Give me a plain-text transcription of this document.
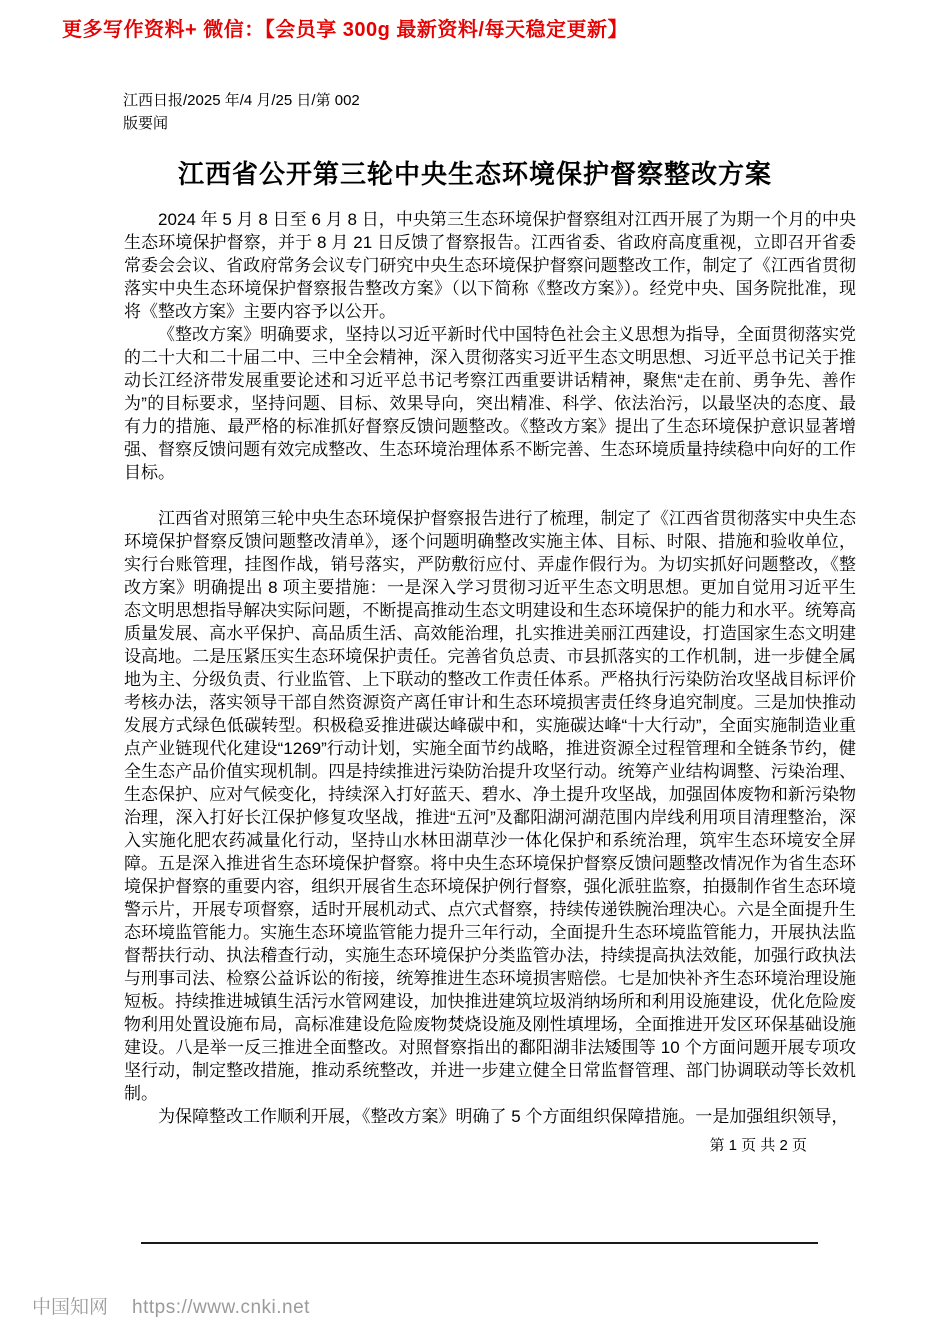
更多写作资料+ 微信：【会员享 300g 最新资料/每天稳定更新】
江西日报/2025 年/4 月/25 日/第 002
版要闻
江西省公开第三轮中央生态环境保护督察整改方案

2024 年 5 月 8 日至 6 月 8 日，中央第三生态环境保护督察组对江西开展了为期一个月的中央生态环境保护督察，并于 8 月 21 日反馈了督察报告。江西省委、省政府高度重视，立即召开省委常委会会议、省政府常务会议专门研究中央生态环境保护督察问题整改工作，制定了《江西省贯彻落实中央生态环境保护督察报告整改方案》（以下简称《整改方案》）。经党中央、国务院批准，现将《整改方案》主要内容予以公开。

《整改方案》明确要求，坚持以习近平新时代中国特色社会主义思想为指导，全面贯彻落实党的二十大和二十届二中、三中全会精神，深入贯彻落实习近平生态文明思想、习近平总书记关于推动长江经济带发展重要论述和习近平总书记考察江西重要讲话精神，聚焦“走在前、勇争先、善作为”的目标要求，坚持问题、目标、效果导向，突出精准、科学、依法治污，以最坚决的态度、最有力的措施、最严格的标准抓好督察反馈问题整改。《整改方案》提出了生态环境保护意识显著增强、督察反馈问题有效完成整改、生态环境治理体系不断完善、生态环境质量持续稳中向好的工作目标。

江西省对照第三轮中央生态环境保护督察报告进行了梳理，制定了《江西省贯彻落实中央生态环境保护督察反馈问题整改清单》，逐个问题明确整改实施主体、目标、时限、措施和验收单位，实行台账管理，挂图作战，销号落实，严防敷衍应付、弄虚作假行为。为切实抓好问题整改，《整改方案》明确提出 8 项主要措施：一是深入学习贯彻习近平生态文明思想。更加自觉用习近平生态文明思想指导解决实际问题，不断提高推动生态文明建设和生态环境保护的能力和水平。统筹高质量发展、高水平保护、高品质生活、高效能治理，扎实推进美丽江西建设，打造国家生态文明建设高地。二是压紧压实生态环境保护责任。完善省负总责、市县抓落实的工作机制，进一步健全属地为主、分级负责、行业监管、上下联动的整改工作责任体系。严格执行污染防治攻坚战目标评价考核办法，落实领导干部自然资源资产离任审计和生态环境损害责任终身追究制度。三是加快推动发展方式绿色低碳转型。积极稳妥推进碳达峰碳中和，实施碳达峰“十大行动”，全面实施制造业重点产业链现代化建设“1269”行动计划，实施全面节约战略，推进资源全过程管理和全链条节约，健全生态产品价值实现机制。四是持续推进污染防治提升攻坚行动。统筹产业结构调整、污染治理、生态保护、应对气候变化，持续深入打好蓝天、碧水、净土提升攻坚战，加强固体废物和新污染物治理，深入打好长江保护修复攻坚战，推进“五河”及鄱阳湖河湖范围内岸线利用项目清理整治，深入实施化肥农药减量化行动，坚持山水林田湖草沙一体化保护和系统治理，筑牢生态环境安全屏障。五是深入推进省生态环境保护督察。将中央生态环境保护督察反馈问题整改情况作为省生态环境保护督察的重要内容，组织开展省生态环境保护例行督察，强化派驻监察，拍摄制作省生态环境警示片，开展专项督察，适时开展机动式、点穴式督察，持续传递铁腕治理决心。六是全面提升生态环境监管能力。实施生态环境监管能力提升三年行动，全面提升生态环境监管能力，开展执法监督帮扶行动、执法稽查行动，实施生态环境保护分类监管办法，持续提高执法效能，加强行政执法与刑事司法、检察公益诉讼的衔接，统筹推进生态环境损害赔偿。七是加快补齐生态环境治理设施短板。持续推进城镇生活污水管网建设，加快推进建筑垃圾消纳场所和利用设施建设，优化危险废物利用处置设施布局，高标准建设危险废物焚烧设施及刚性填埋场，全面推进开发区环保基础设施建设。八是举一反三推进全面整改。对照督察指出的鄱阳湖非法矮围等 10 个方面问题开展专项攻坚行动，制定整改措施，推动系统整改，并进一步建立健全日常监督管理、部门协调联动等长效机制。

为保障整改工作顺利开展，《整改方案》明确了 5 个方面组织保障措施。一是加强组织领导，

第 1 页 共 2 页
中国知网 https://www.cnki.net
